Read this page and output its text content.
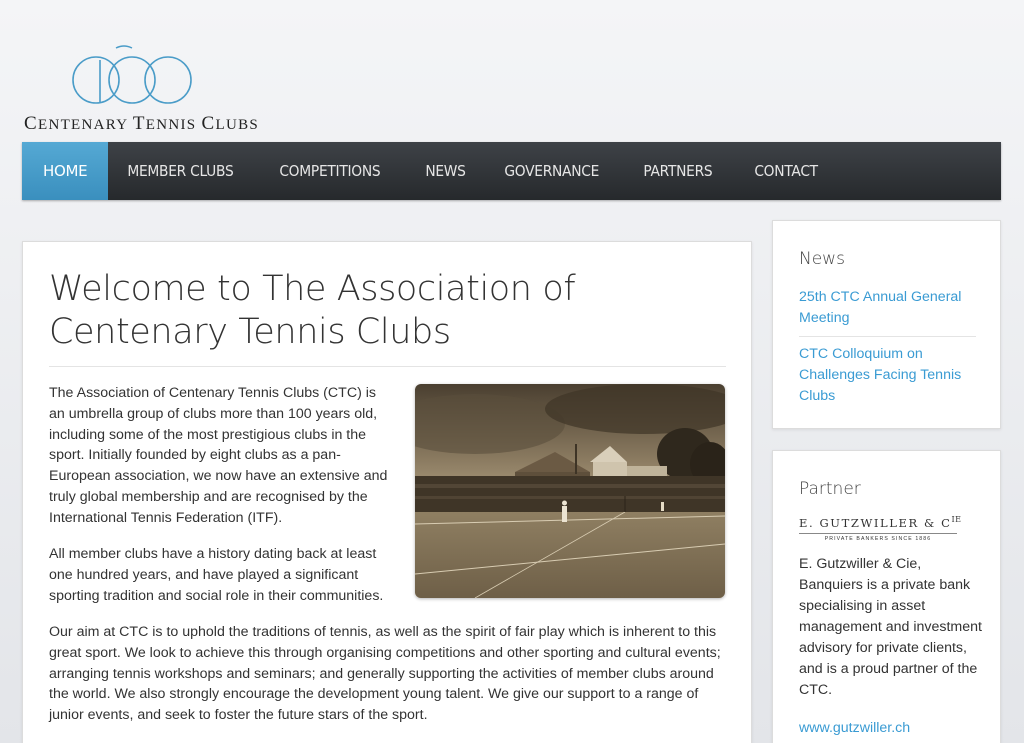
CENTENARY TENNIS CLUBS
HOME	MEMBER CLUBS	COMPETITIONS	NEWS	GOVERNANCE	PARTNERS	CONTACT
Welcome to The Association of
Centenary Tennis Clubs

The Association of Centenary Tennis Clubs (CTC) is an umbrella group of clubs more than 100 years old, including some of the most prestigious clubs in the sport. Initially founded by eight clubs as a pan-European association, we now have an extensive and truly global membership and are recognised by the International Tennis Federation (ITF).

All member clubs have a history dating back at least one hundred years, and have played a significant sporting tradition and social role in their communities.

Our aim at CTC is to uphold the traditions of tennis, as well as the spirit of fair play which is inherent to this great sport. We look to achieve this through organising competitions and other sporting and cultural events; arranging tennis workshops and seminars; and generally supporting the activities of member clubs around the world. We also strongly encourage the development young talent. We give our support to a range of junior events, and seek to foster the future stars of the sport.

News
25th CTC Annual General Meeting
CTC Colloquium on Challenges Facing Tennis Clubs
Partner
E. GUTZWILLER & $C^{IE}$
PRIVATE BANKERS SINCE 1886

E. Gutzwiller & Cie, Banquiers is a private bank specialising in asset management and investment advisory for private clients, and is a proud partner of the CTC.

www.gutzwiller.ch
